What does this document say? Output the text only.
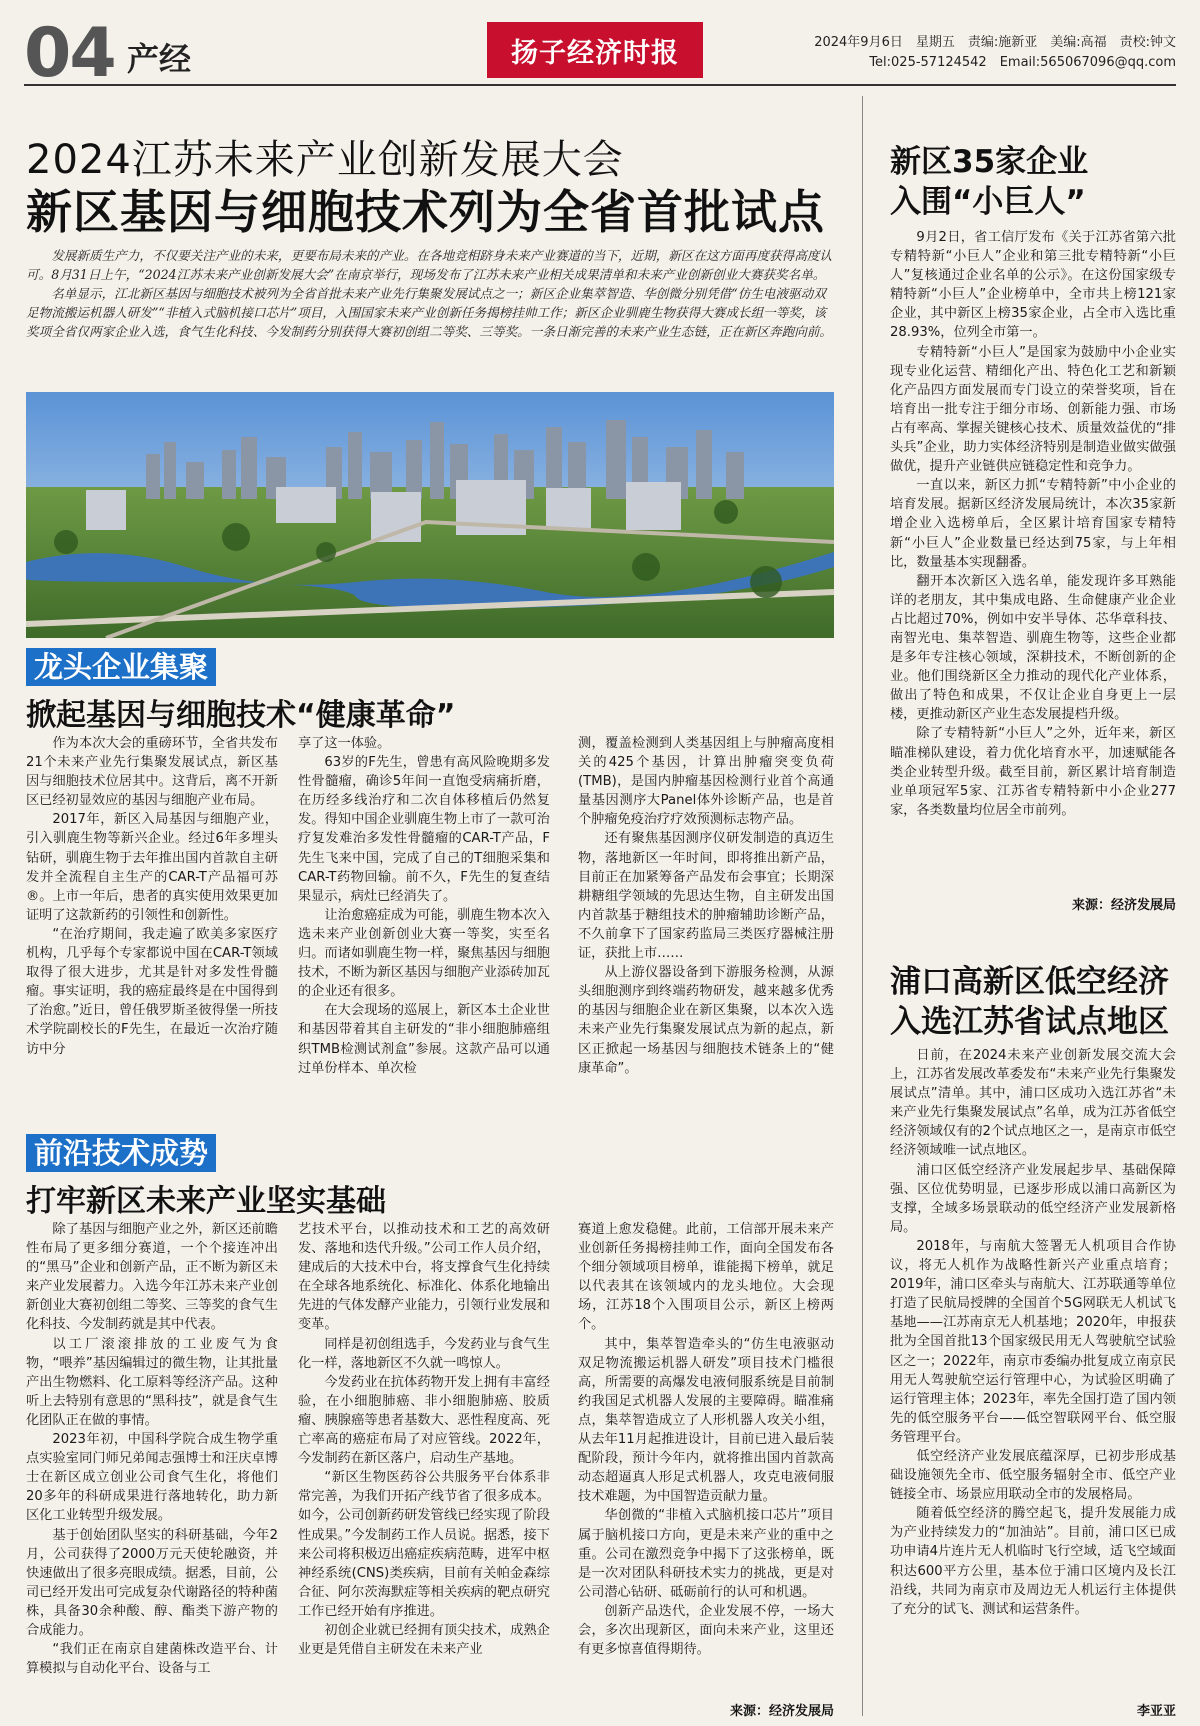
04 产经	扬子经济时报	2024年9月6日　星期五　责编:施新亚　美编:高福　责校:钟文
Tel:025-57124542　Email:565067096@qq.com
2024江苏未来产业创新发展大会
新区基因与细胞技术列为全省首批试点

发展新质生产力，不仅要关注产业的未来，更要布局未来的产业。在各地竞相跻身未来产业赛道的当下，近期，新区在这方面再度获得高度认可。8月31日上午，“2024江苏未来产业创新发展大会”在南京举行，现场发布了江苏未来产业相关成果清单和未来产业创新创业大赛获奖名单。

名单显示，江北新区基因与细胞技术被列为全省首批未来产业先行集聚发展试点之一；新区企业集萃智造、华创微分别凭借“仿生电液驱动双足物流搬运机器人研发”“非植入式脑机接口芯片”项目，入围国家未来产业创新任务揭榜挂帅工作；新区企业驯鹿生物获得大赛成长组一等奖，该奖项全省仅两家企业入选，食气生化科技、今发制药分别获得大赛初创组二等奖、三等奖。一条日渐完善的未来产业生态链，正在新区奔跑向前。

龙头企业集聚
掀起基因与细胞技术“健康革命”

作为本次大会的重磅环节，全省共发布21个未来产业先行集聚发展试点，新区基因与细胞技术位居其中。这背后，离不开新区已经初显效应的基因与细胞产业布局。

2017年，新区入局基因与细胞产业，引入驯鹿生物等新兴企业。经过6年多埋头钻研，驯鹿生物于去年推出国内首款自主研发并全流程自主生产的CAR-T产品福可苏®。上市一年后，患者的真实使用效果更加证明了这款新药的引领性和创新性。

“在治疗期间，我走遍了欧美多家医疗机构，几乎每个专家都说中国在CAR-T领域取得了很大进步，尤其是针对多发性骨髓瘤。事实证明，我的癌症最终是在中国得到了治愈。”近日，曾任俄罗斯圣彼得堡一所技术学院副校长的F先生，在最近一次治疗随访中分

享了这一体验。

63岁的F先生，曾患有高风险晚期多发性骨髓瘤，确诊5年间一直饱受病痛折磨，在历经多线治疗和二次自体移植后仍然复发。得知中国企业驯鹿生物上市了一款可治疗复发难治多发性骨髓瘤的CAR-T产品，F先生飞来中国，完成了自己的T细胞采集和CAR-T药物回输。前不久，F先生的复查结果显示，病灶已经消失了。

让治愈癌症成为可能，驯鹿生物本次入选未来产业创新创业大赛一等奖，实至名归。而诸如驯鹿生物一样，聚焦基因与细胞技术，不断为新区基因与细胞产业添砖加瓦的企业还有很多。

在大会现场的巡展上，新区本土企业世和基因带着其自主研发的“非小细胞肺癌组织TMB检测试剂盒”参展。这款产品可以通过单份样本、单次检

测，覆盖检测到人类基因组上与肿瘤高度相关的425个基因，计算出肿瘤突变负荷(TMB)，是国内肿瘤基因检测行业首个高通量基因测序大Panel体外诊断产品，也是首个肿瘤免疫治疗疗效预测标志物产品。

还有聚焦基因测序仪研发制造的真迈生物，落地新区一年时间，即将推出新产品，目前正在加紧筹备产品发布会事宜；长期深耕糖组学领域的先思达生物，自主研发出国内首款基于糖组技术的肿瘤辅助诊断产品，不久前拿下了国家药监局三类医疗器械注册证，获批上市……

从上游仪器设备到下游服务检测，从源头细胞测序到终端药物研发，越来越多优秀的基因与细胞企业在新区集聚，以本次入选未来产业先行集聚发展试点为新的起点，新区正掀起一场基因与细胞技术链条上的“健康革命”。

前沿技术成势
打牢新区未来产业坚实基础

除了基因与细胞产业之外，新区还前瞻性布局了更多细分赛道，一个个接连冲出的“黑马”企业和创新产品，正不断为新区未来产业发展蓄力。入选今年江苏未来产业创新创业大赛初创组二等奖、三等奖的食气生化科技、今发制药就是其中代表。

以工厂滚滚排放的工业废气为食物，“喂养”基因编辑过的微生物，让其批量产出生物燃料、化工原料等经济产品。这种听上去特别有意思的“黑科技”，就是食气生化团队正在做的事情。

2023年初，中国科学院合成生物学重点实验室同门师兄弟闻志强博士和汪庆卓博士在新区成立创业公司食气生化，将他们20多年的科研成果进行落地转化，助力新区化工业转型升级发展。

基于创始团队坚实的科研基础，今年2月，公司获得了2000万元天使轮融资，并快速做出了很多亮眼成绩。据悉，目前，公司已经开发出可完成复杂代谢路径的特种菌株，具备30余种酸、醇、酯类下游产物的合成能力。

“我们正在南京自建菌株改造平台、计算模拟与自动化平台、设备与工

艺技术平台，以推动技术和工艺的高效研发、落地和迭代升级。”公司工作人员介绍，建成后的大技术中台，将支撑食气生化持续在全球各地系统化、标准化、体系化地输出先进的气体发酵产业能力，引领行业发展和变革。

同样是初创组选手，今发药业与食气生化一样，落地新区不久就一鸣惊人。

今发药业在抗体药物开发上拥有丰富经验，在小细胞肺癌、非小细胞肺癌、胶质瘤、胰腺癌等患者基数大、恶性程度高、死亡率高的癌症布局了对应管线。2022年，今发制药在新区落户，启动生产基地。

“新区生物医药谷公共服务平台体系非常完善，为我们开拓产线节省了很多成本。如今，公司创新药研发管线已经实现了阶段性成果。”今发制药工作人员说。据悉，接下来公司将积极迈出癌症疾病范畴，进军中枢神经系统(CNS)类疾病，目前有关帕金森综合征、阿尔茨海默症等相关疾病的靶点研究工作已经开始有序推进。

初创企业就已经拥有顶尖技术，成熟企业更是凭借自主研发在未来产业

赛道上愈发稳健。此前，工信部开展未来产业创新任务揭榜挂帅工作，面向全国发布各个细分领域项目榜单，谁能揭下榜单，就足以代表其在该领域内的龙头地位。大会现场，江苏18个入围项目公示，新区上榜两个。

其中，集萃智造牵头的“仿生电液驱动双足物流搬运机器人研发”项目技术门槛很高，所需要的高爆发电液伺服系统是目前制约我国足式机器人发展的主要障碍。瞄准痛点，集萃智造成立了人形机器人攻关小组，从去年11月起推进设计，目前已进入最后装配阶段，预计今年内，就将推出国内首款高动态超逼真人形足式机器人，攻克电液伺服技术难题，为中国智造贡献力量。

华创微的“非植入式脑机接口芯片”项目属于脑机接口方向，更是未来产业的重中之重。公司在激烈竞争中揭下了这张榜单，既是一次对团队科研技术实力的挑战，更是对公司潜心钻研、砥砺前行的认可和机遇。

创新产品迭代，企业发展不停，一场大会，多次出现新区，面向未来产业，这里还有更多惊喜值得期待。

来源：经济发展局
新区35家企业
入围“小巨人”

9月2日，省工信厅发布《关于江苏省第六批专精特新“小巨人”企业和第三批专精特新“小巨人”复核通过企业名单的公示》。在这份国家级专精特新“小巨人”企业榜单中，全市共上榜121家企业，其中新区上榜35家企业，占全市入选比重28.93%，位列全市第一。

专精特新“小巨人”是国家为鼓励中小企业实现专业化运营、精细化产出、特色化工艺和新颖化产品四方面发展而专门设立的荣誉奖项，旨在培育出一批专注于细分市场、创新能力强、市场占有率高、掌握关键核心技术、质量效益优的“排头兵”企业，助力实体经济特别是制造业做实做强做优，提升产业链供应链稳定性和竞争力。

一直以来，新区力抓“专精特新”中小企业的培育发展。据新区经济发展局统计，本次35家新增企业入选榜单后，全区累计培育国家专精特新“小巨人”企业数量已经达到75家，与上年相比，数量基本实现翻番。

翻开本次新区入选名单，能发现许多耳熟能详的老朋友，其中集成电路、生命健康产业企业占比超过70%，例如中安半导体、芯华章科技、南智光电、集萃智造、驯鹿生物等，这些企业都是多年专注核心领域，深耕技术，不断创新的企业。他们围绕新区全力推动的现代化产业体系，做出了特色和成果，不仅让企业自身更上一层楼，更推动新区产业生态发展提档升级。

除了专精特新“小巨人”之外，近年来，新区瞄准梯队建设，着力优化培育水平，加速赋能各类企业转型升级。截至目前，新区累计培育制造业单项冠军5家、江苏省专精特新中小企业277家，各类数量均位居全市前列。

来源：经济发展局
浦口高新区低空经济
入选江苏省试点地区

日前，在2024未来产业创新发展交流大会上，江苏省发展改革委发布“未来产业先行集聚发展试点”清单。其中，浦口区成功入选江苏省“未来产业先行集聚发展试点”名单，成为江苏省低空经济领域仅有的2个试点地区之一，是南京市低空经济领域唯一试点地区。

浦口区低空经济产业发展起步早、基础保障强、区位优势明显，已逐步形成以浦口高新区为支撑，全域多场景联动的低空经济产业发展新格局。

2018年，与南航大签署无人机项目合作协议，将无人机作为战略性新兴产业重点培育；2019年，浦口区牵头与南航大、江苏联通等单位打造了民航局授牌的全国首个5G网联无人机试飞基地——江苏南京无人机基地；2020年，申报获批为全国首批13个国家级民用无人驾驶航空试验区之一；2022年，南京市委编办批复成立南京民用无人驾驶航空运行管理中心，为试验区明确了运行管理主体；2023年，率先全国打造了国内领先的低空服务平台——低空智联网平台、低空服务管理平台。

低空经济产业发展底蕴深厚，已初步形成基础设施领先全市、低空服务辐射全市、低空产业链接全市、场景应用联动全市的发展格局。

随着低空经济的腾空起飞，提升发展能力成为产业持续发力的“加油站”。目前，浦口区已成功申请4片连片无人机临时飞行空域，适飞空域面积达600平方公里，基本位于浦口区境内及长江沿线，共同为南京市及周边无人机运行主体提供了充分的试飞、测试和运营条件。

李亚亚
